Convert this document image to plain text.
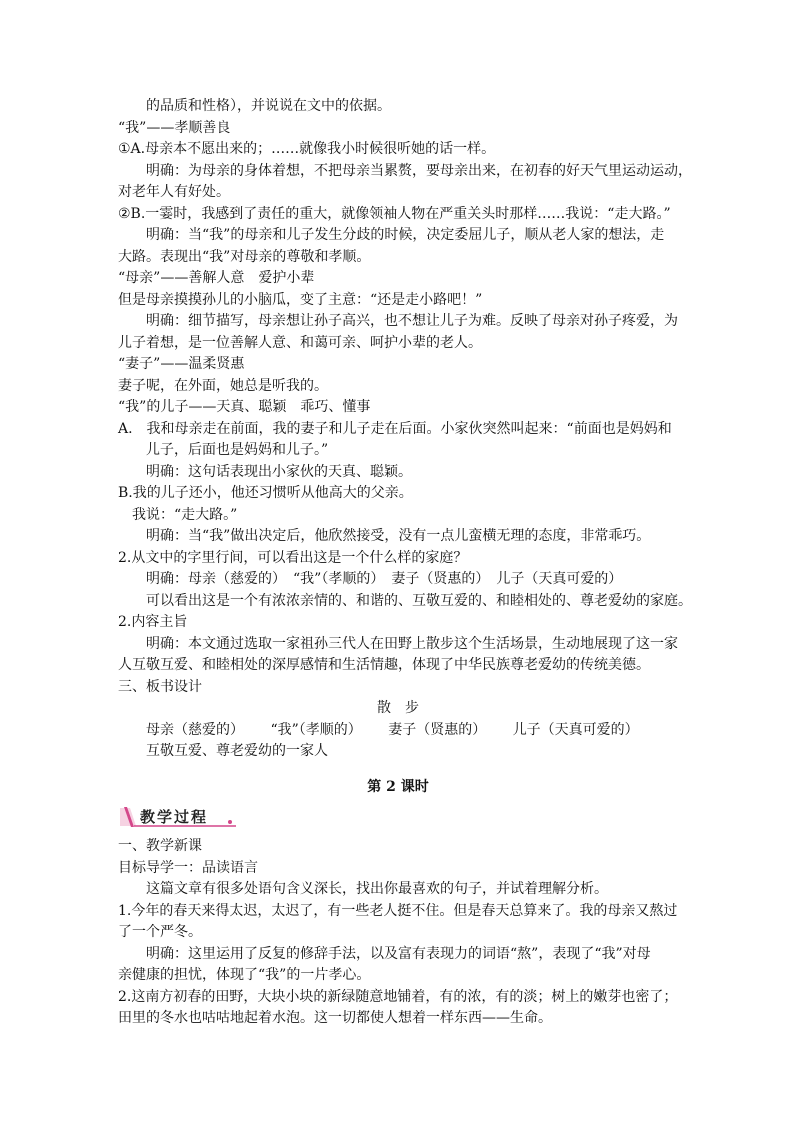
的品质和性格），并说说在文中的依据。
“我”——孝顺善良
①A.母亲本不愿出来的；……就像我小时候很听她的话一样。
明确：为母亲的身体着想，不把母亲当累赘，要母亲出来，在初春的好天气里运动运动，
对老年人有好处。
②B.一霎时，我感到了责任的重大，就像领袖人物在严重关头时那样……我说：“走大路。”
明确：当“我”的母亲和儿子发生分歧的时候，决定委屈儿子，顺从老人家的想法，走
大路。表现出“我”对母亲的尊敬和孝顺。
“母亲”——善解人意　爱护小辈
但是母亲摸摸孙儿的小脑瓜，变了主意：“还是走小路吧！”
明确：细节描写，母亲想让孙子高兴，也不想让儿子为难。反映了母亲对孙子疼爱，为
儿子着想，是一位善解人意、和蔼可亲、呵护小辈的老人。
“妻子”——温柔贤惠
妻子呢，在外面，她总是听我的。
“我”的儿子——天真、聪颖　乖巧、懂事
A.　我和母亲走在前面，我的妻子和儿子走在后面。小家伙突然叫起来：“前面也是妈妈和
儿子，后面也是妈妈和儿子。”
明确：这句话表现出小家伙的天真、聪颖。
B.我的儿子还小，他还习惯听从他高大的父亲。
我说：“走大路。”
明确：当“我”做出决定后，他欣然接受，没有一点儿蛮横无理的态度，非常乖巧。
2.从文中的字里行间，可以看出这是一个什么样的家庭？
明确：母亲（慈爱的）　“我”（孝顺的）　妻子（贤惠的）　儿子（天真可爱的）
可以看出这是一个有浓浓亲情的、和谐的、互敬互爱的、和睦相处的、尊老爱幼的家庭。
2.内容主旨
明确：本文通过选取一家祖孙三代人在田野上散步这个生活场景，生动地展现了这一家
人互敬互爱、和睦相处的深厚感情和生活情趣，体现了中华民族尊老爱幼的传统美德。
三、板书设计
散　步
母亲（慈爱的） “我”（孝顺的） 妻子（贤惠的） 儿子（天真可爱的）
互敬互爱、尊老爱幼的一家人
第 2 课时
教学过程
一、教学新课
目标导学一：品读语言
这篇文章有很多处语句含义深长，找出你最喜欢的句子，并试着理解分析。
1.今年的春天来得太迟，太迟了，有一些老人挺不住。但是春天总算来了。我的母亲又熬过
了一个严冬。
明确：这里运用了反复的修辞手法，以及富有表现力的词语“熬”，表现了“我”对母
亲健康的担忧，体现了“我”的一片孝心。
2.这南方初春的田野，大块小块的新绿随意地铺着，有的浓，有的淡；树上的嫩芽也密了；
田里的冬水也咕咕地起着水泡。这一切都使人想着一样东西——生命。
